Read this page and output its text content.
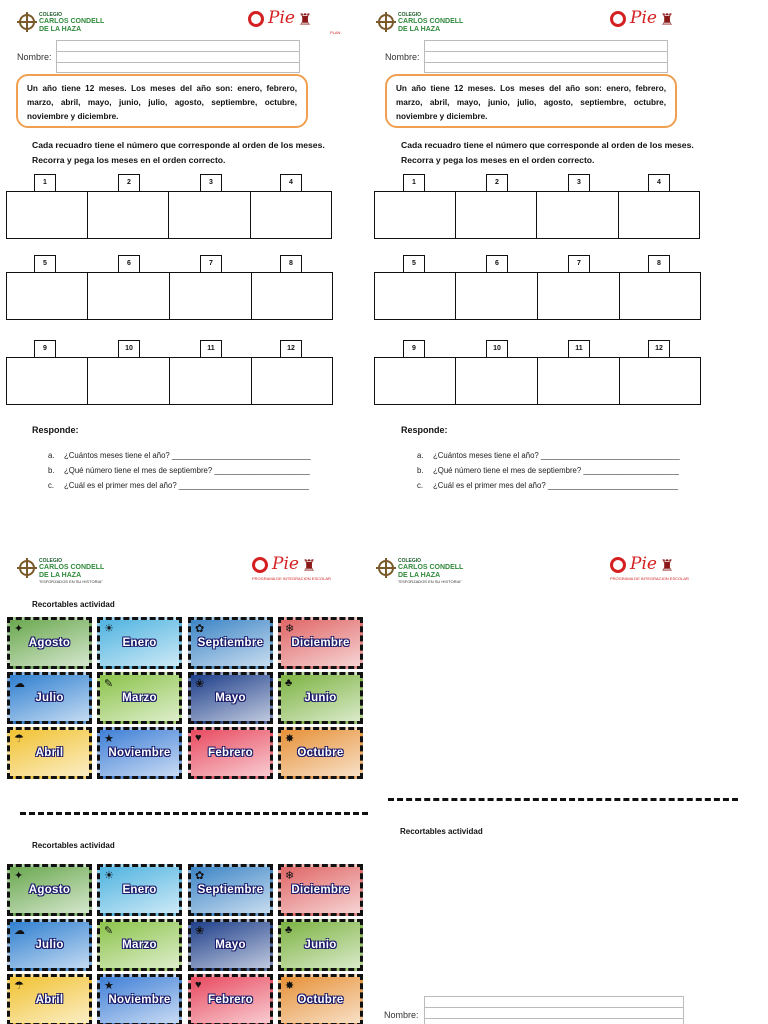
COLEGIO
CARLOS CONDELL
DE LA HAZA
Pie ♜
PLAN
Nombre:
Un año tiene 12 meses. Los meses del año son: enero, febrero, marzo, abril, mayo, junio, julio, agosto, septiembre, octubre, noviembre y diciembre.
Cada recuadro tiene el número que corresponde al orden de los meses. Recorra y pega los meses en el orden correcto.
1	2	3	4
5	6	7	8
9	10	11	12
Responde:
a. ¿Cuántos meses tiene el año? ________________________________
b. ¿Qué número tiene el mes de septiembre? ______________________
c. ¿Cuál es el primer mes del año? ______________________________
COLEGIO
CARLOS CONDELL
DE LA HAZA
Pie ♜
Nombre:
Un año tiene 12 meses. Los meses del año son: enero, febrero, marzo, abril, mayo, junio, julio, agosto, septiembre, octubre, noviembre y diciembre.
Cada recuadro tiene el número que corresponde al orden de los meses. Recorra y pega los meses en el orden correcto.
1	2	3	4
5	6	7	8
9	10	11	12
Responde:
a. ¿Cuántos meses tiene el año? ________________________________
b. ¿Qué número tiene el mes de septiembre? ______________________
c. ¿Cuál es el primer mes del año? ______________________________
COLEGIO
CARLOS CONDELL
DE LA HAZA
"ESFORZADOS EN SU HISTORIA"
Pie ♜
PROGRAMA DE INTEGRACION ESCOLAR
Recortables actividad
✦
Agosto
☀
Enero
✿
Septiembre
❄
Diciembre
☁
Julio
✎
Marzo
❀
Mayo
♣
Junio
☂
Abril
★
Noviembre
♥
Febrero
✸
Octubre
Recortables actividad
✦
Agosto
☀
Enero
✿
Septiembre
❄
Diciembre
☁
Julio
✎
Marzo
❀
Mayo
♣
Junio
☂
Abril
★
Noviembre
♥
Febrero
✸
Octubre
COLEGIO
CARLOS CONDELL
DE LA HAZA
"ESFORZADOS EN SU HISTORIA"
Pie ♜
PROGRAMA DE INTEGRACION ESCOLAR
Recortables actividad
Nombre:
